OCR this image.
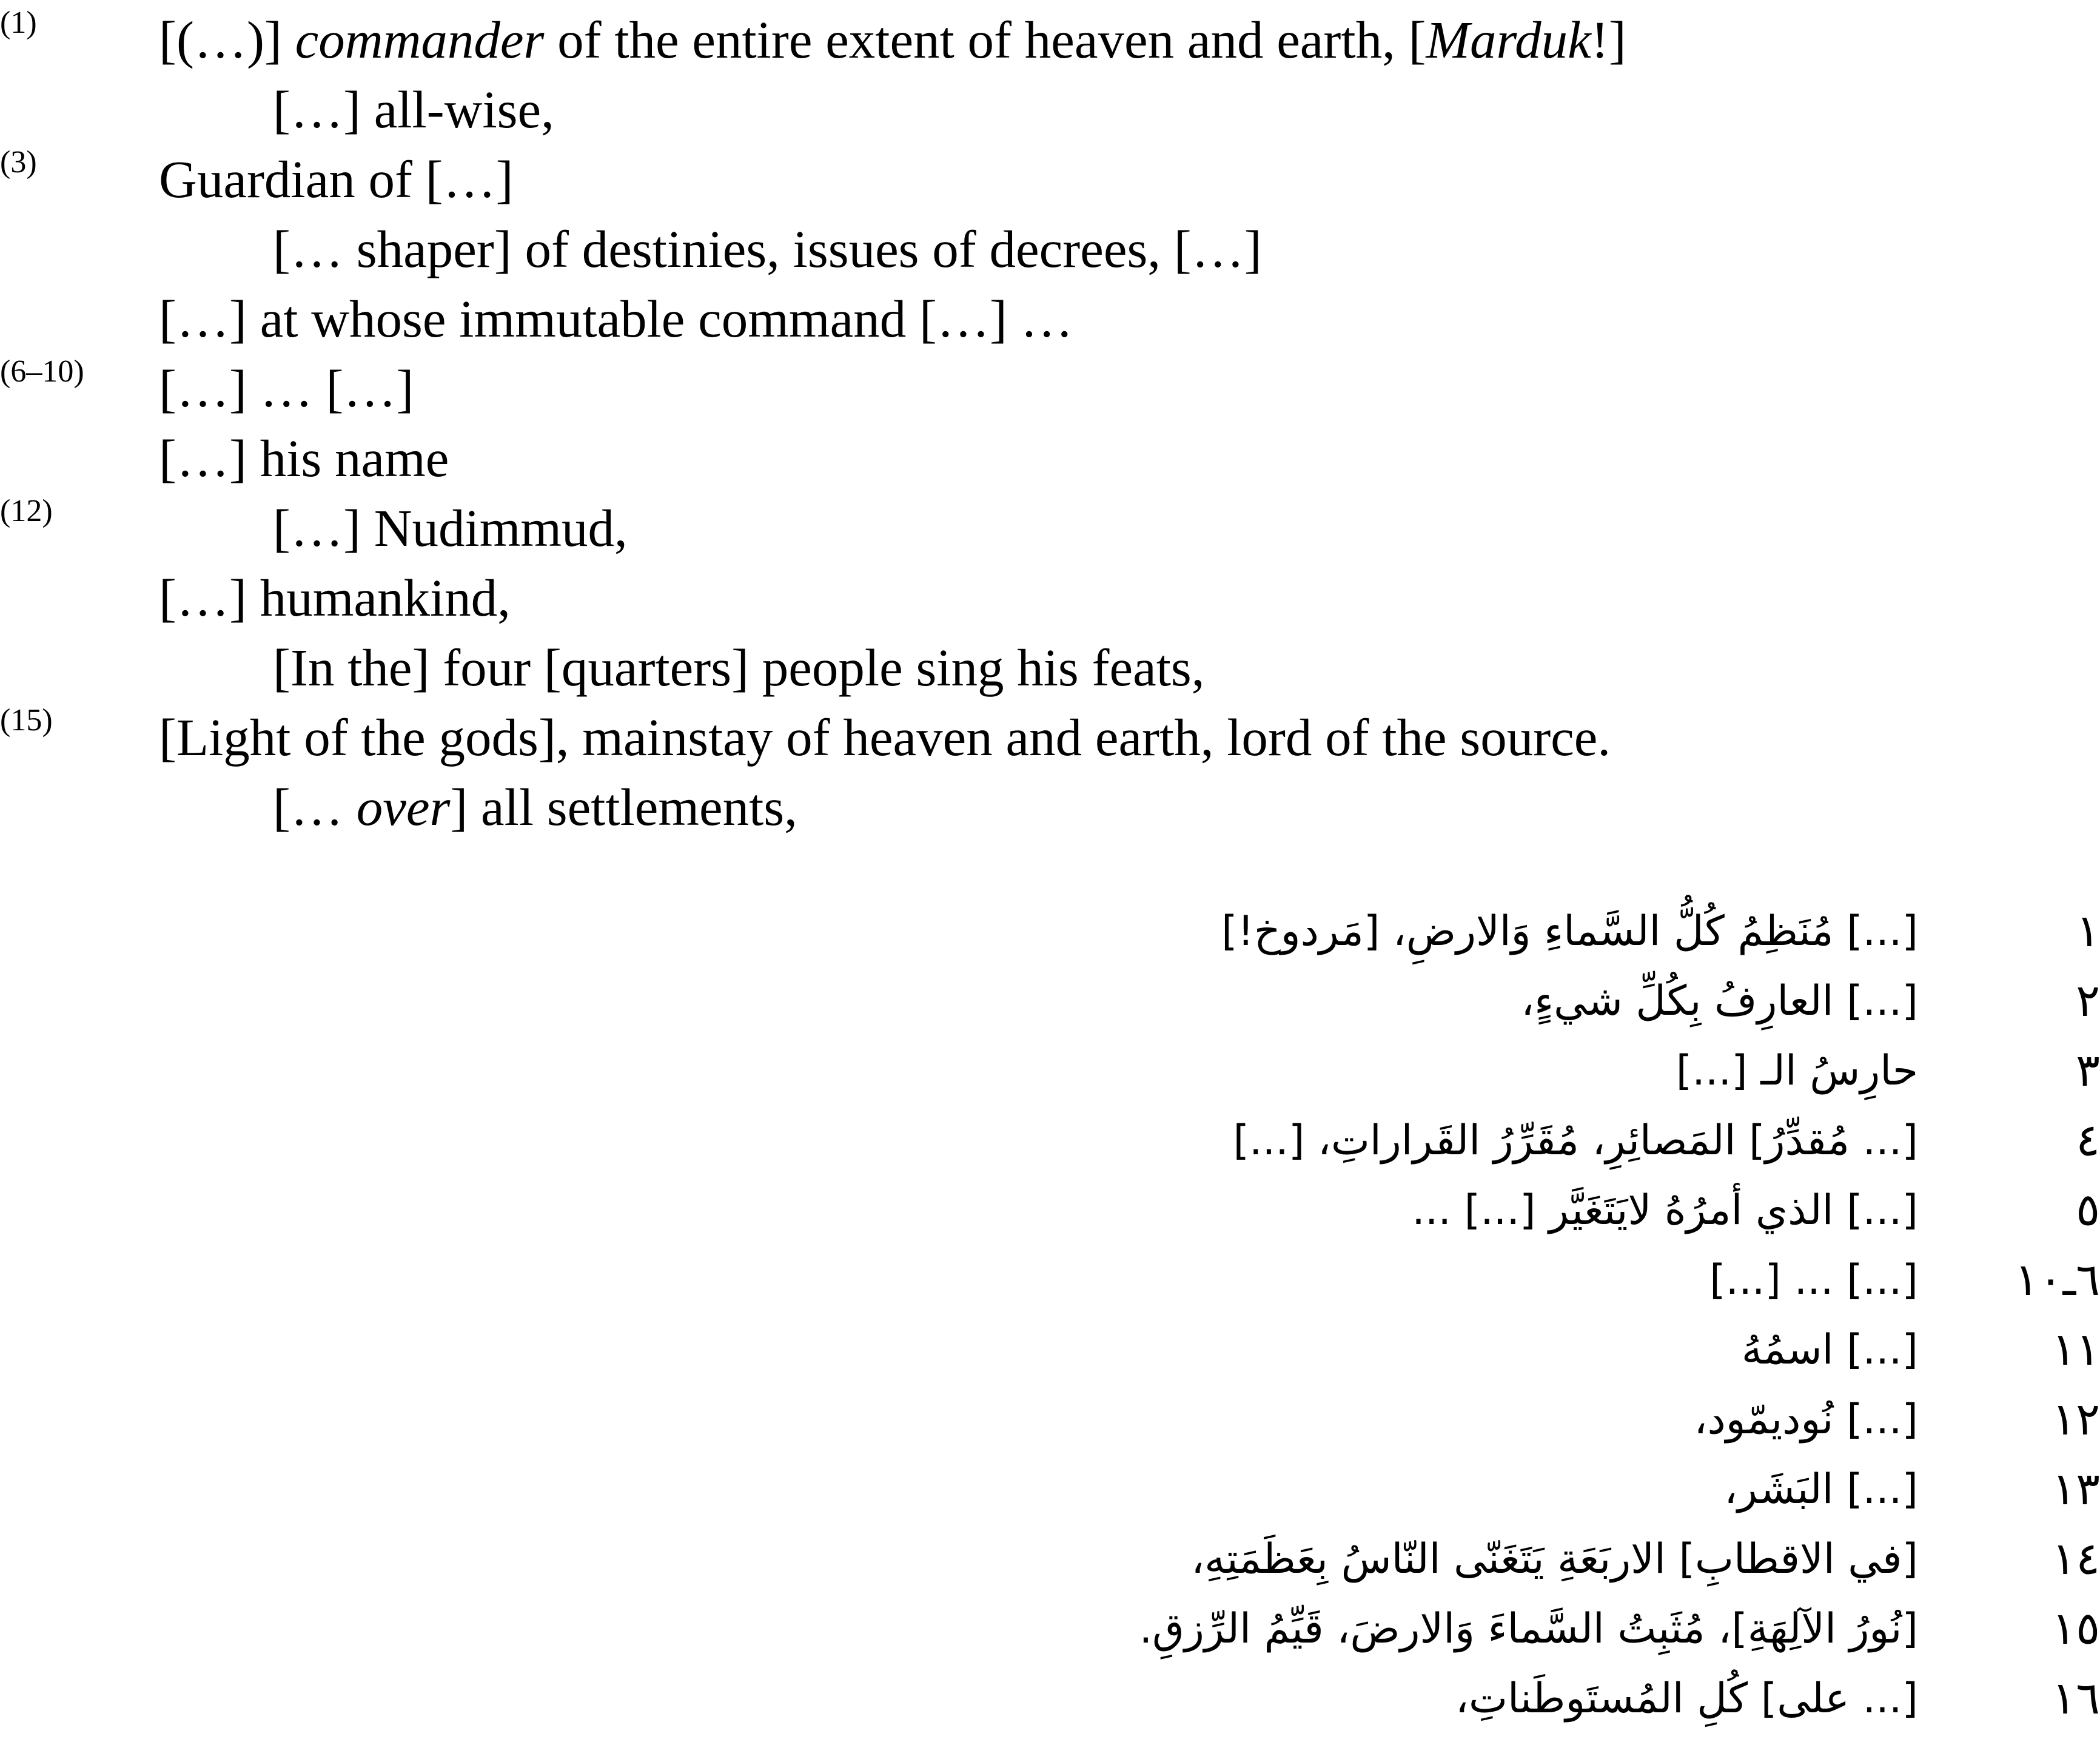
(1) [(…)] commander of the entire extent of heaven and earth, [Marduk!]
[…] all-wise,
(3) Guardian of […]
[… shaper] of destinies, issues of decrees, […]
[…] at whose immutable command […] …
(6–10) […] … […]
[…] his name
(12)	[…] Nudimmud,
[…] humankind,
[In the] four [quarters] people sing his feats,
(15) [Light of the gods], mainstay of heaven and earth, lord of the source.
[… over] all settlements,
١
[...] مُنَظِمُ كُلُّ السَّماءِ وَالارضِ، [مَردوخ!]
٢
[...] العارِفُ بِكُلِّ شيءٍ،
٣
حارِسُ الـ [...]
٤
[... مُقدِّرُ] المَصائِرِ، مُقَرِّرُ القَراراتِ، [...]
٥
[...] الذي أمرُهُ لايَتَغَيَّر [...] ...
٦ـ١٠
[...] ... [...]
١١
[...] اسمُهُ
١٢
[...] نُوديمّود،
١٣
[...] البَشَر،
١٤
[في الاقطابِ] الاربَعَةِ يَتَغَنّى النّاسُ بِعَظَمَتِهِ،
١٥
[نُورُ الآلِهَةِ]، مُثَبِتُ السَّماءَ وَالارضَ، قَيِّمُ الرِّزقِ.
١٦
[... على] كُلِ المُستَوطَناتِ،
